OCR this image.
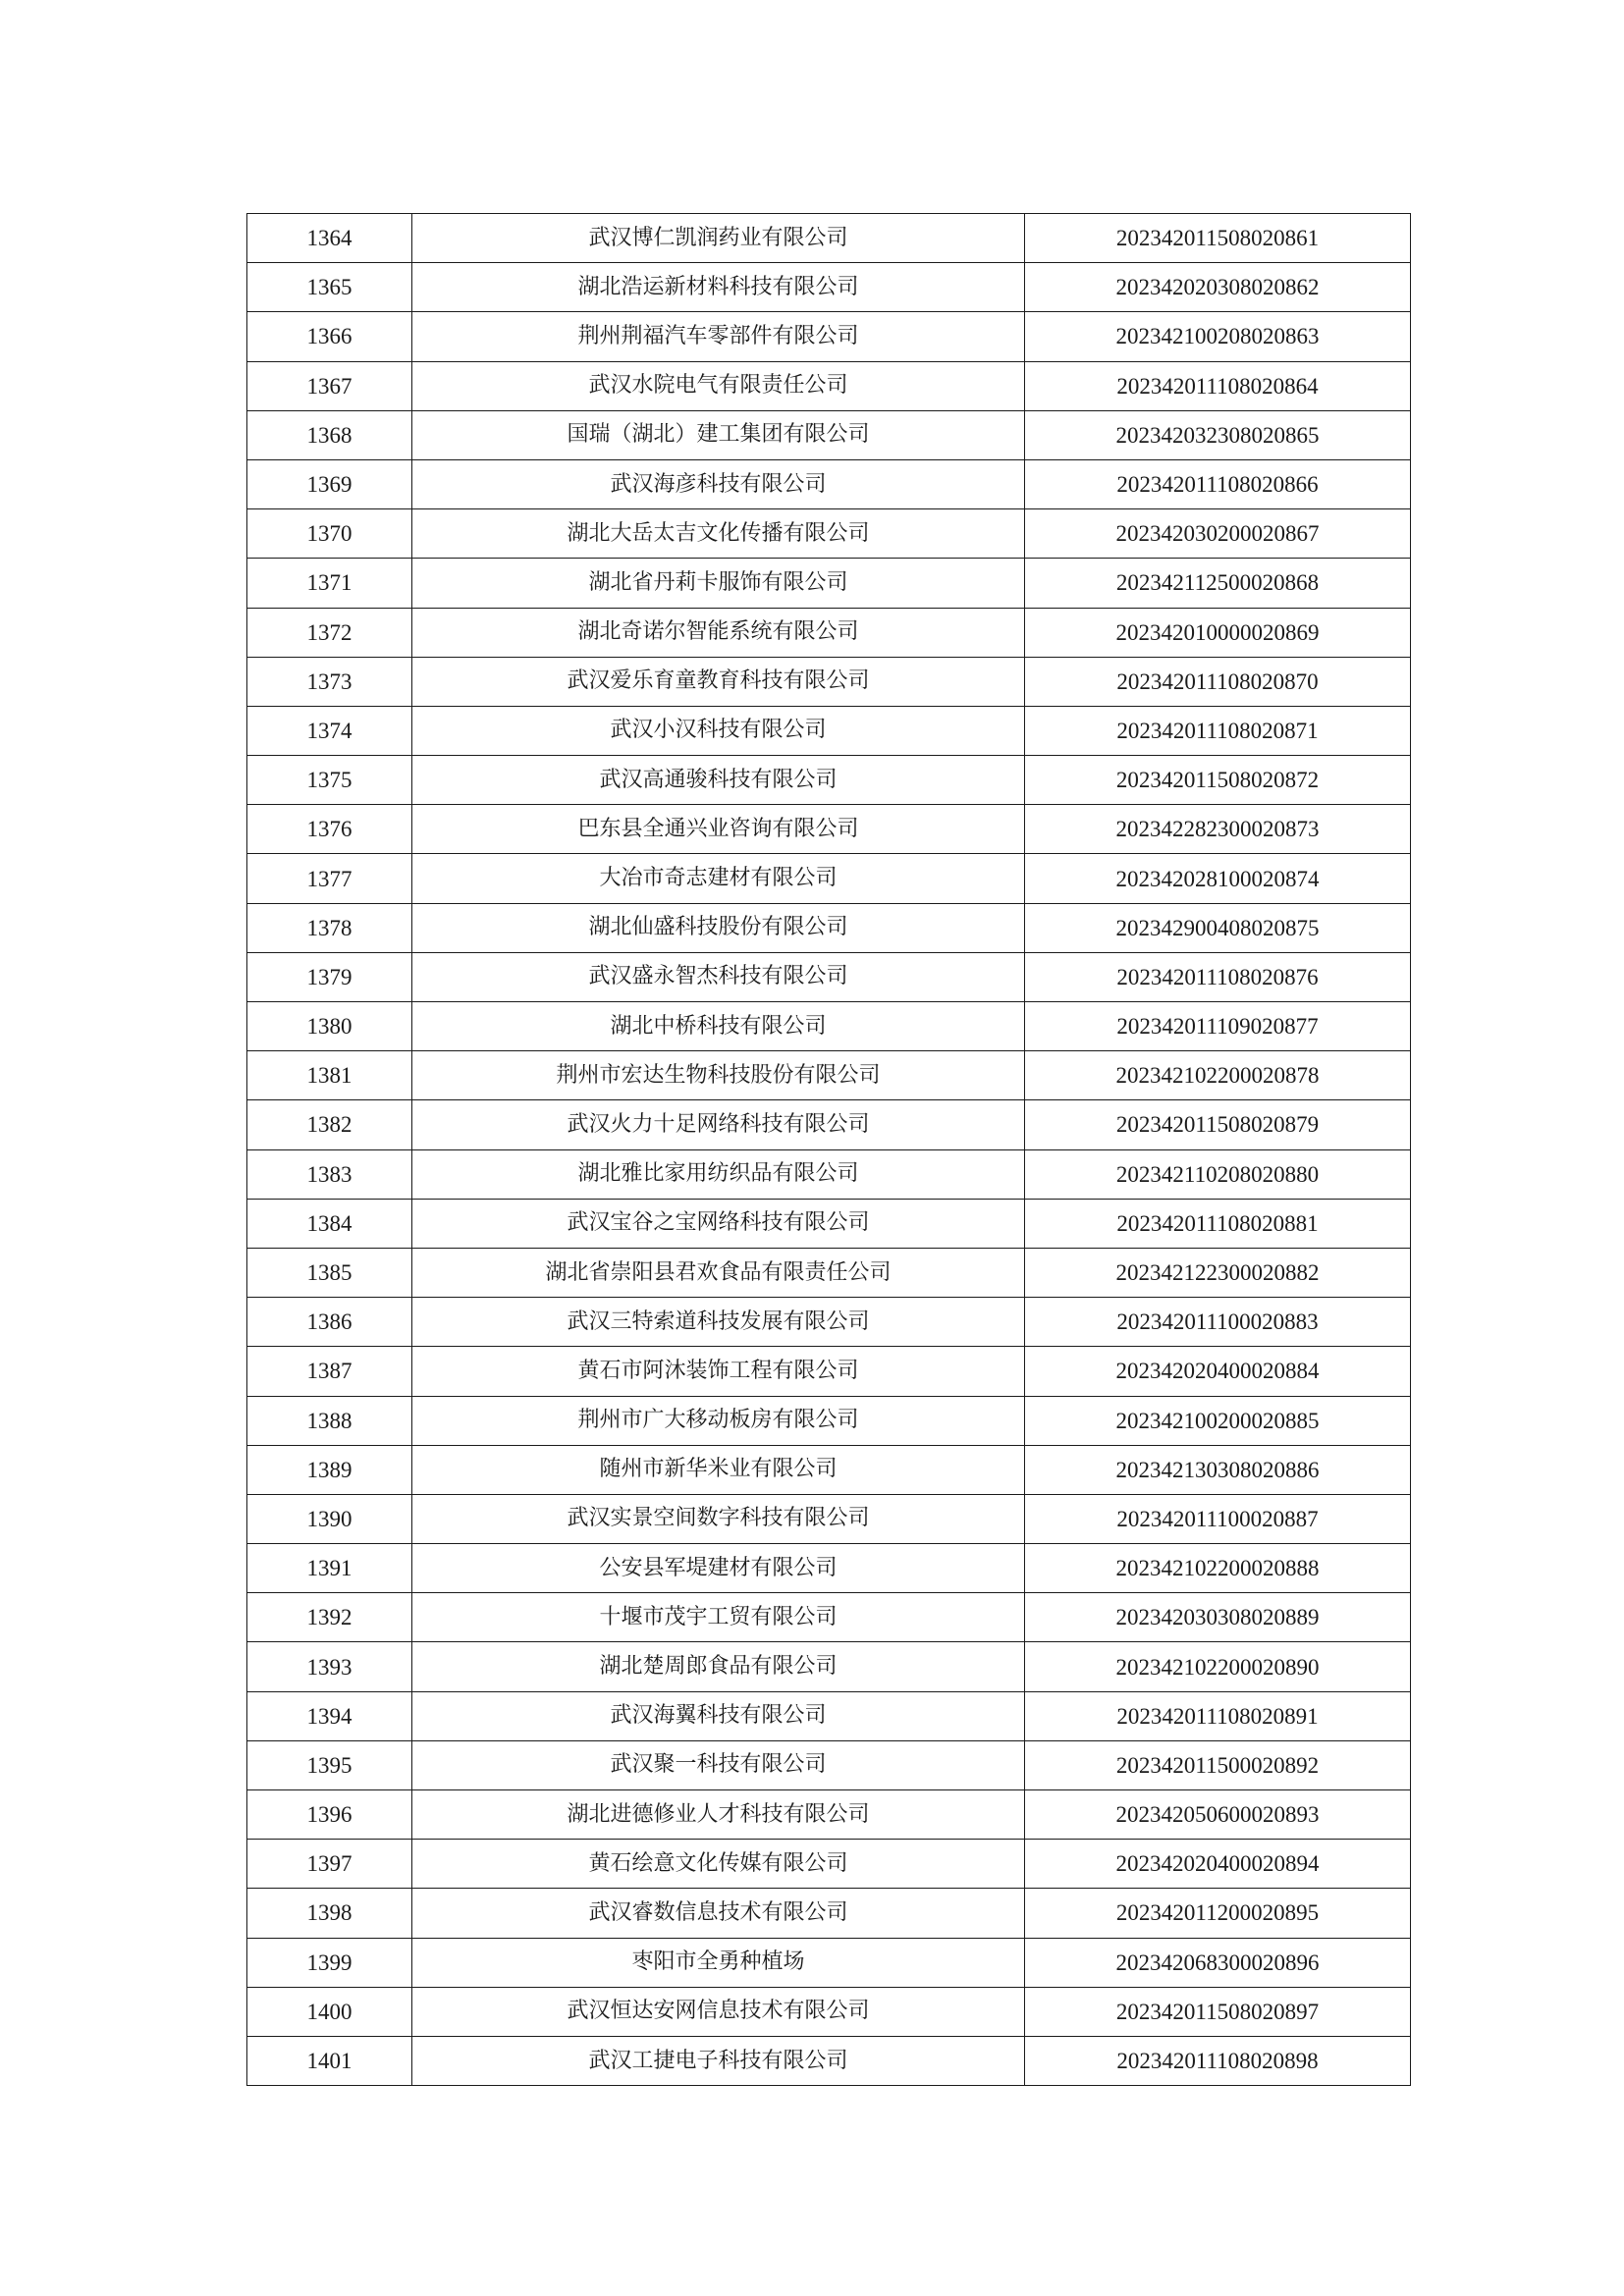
1364	武汉博仁凯润药业有限公司	202342011508020861
1365	湖北浩运新材料科技有限公司	202342020308020862
1366	荆州荆福汽车零部件有限公司	202342100208020863
1367	武汉水院电气有限责任公司	202342011108020864
1368	国瑞（湖北）建工集团有限公司	202342032308020865
1369	武汉海彦科技有限公司	202342011108020866
1370	湖北大岳太吉文化传播有限公司	202342030200020867
1371	湖北省丹莉卡服饰有限公司	202342112500020868
1372	湖北奇诺尔智能系统有限公司	202342010000020869
1373	武汉爱乐育童教育科技有限公司	202342011108020870
1374	武汉小汉科技有限公司	202342011108020871
1375	武汉高通骏科技有限公司	202342011508020872
1376	巴东县全通兴业咨询有限公司	202342282300020873
1377	大冶市奇志建材有限公司	202342028100020874
1378	湖北仙盛科技股份有限公司	202342900408020875
1379	武汉盛永智杰科技有限公司	202342011108020876
1380	湖北中桥科技有限公司	202342011109020877
1381	荆州市宏达生物科技股份有限公司	202342102200020878
1382	武汉火力十足网络科技有限公司	202342011508020879
1383	湖北雅比家用纺织品有限公司	202342110208020880
1384	武汉宝谷之宝网络科技有限公司	202342011108020881
1385	湖北省崇阳县君欢食品有限责任公司	202342122300020882
1386	武汉三特索道科技发展有限公司	202342011100020883
1387	黄石市阿沐装饰工程有限公司	202342020400020884
1388	荆州市广大移动板房有限公司	202342100200020885
1389	随州市新华米业有限公司	202342130308020886
1390	武汉实景空间数字科技有限公司	202342011100020887
1391	公安县军堤建材有限公司	202342102200020888
1392	十堰市茂宇工贸有限公司	202342030308020889
1393	湖北楚周郎食品有限公司	202342102200020890
1394	武汉海翼科技有限公司	202342011108020891
1395	武汉聚一科技有限公司	202342011500020892
1396	湖北进德修业人才科技有限公司	202342050600020893
1397	黄石绘意文化传媒有限公司	202342020400020894
1398	武汉睿数信息技术有限公司	202342011200020895
1399	枣阳市全勇种植场	202342068300020896
1400	武汉恒达安网信息技术有限公司	202342011508020897
1401	武汉工捷电子科技有限公司	202342011108020898
